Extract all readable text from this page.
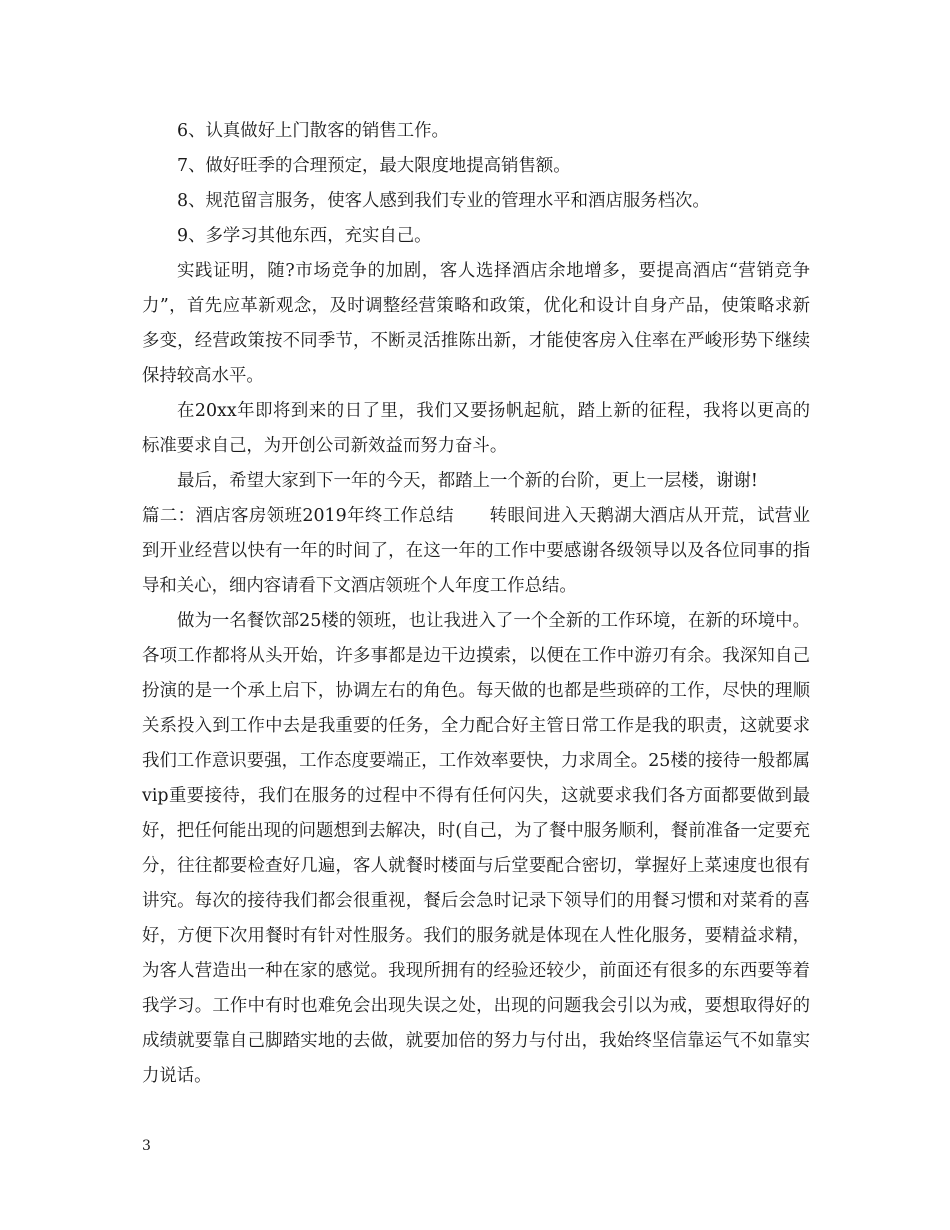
6、认真做好上门散客的销售工作。

7、做好旺季的合理预定，最大限度地提高销售额。

8、规范留言服务，使客人感到我们专业的管理水平和酒店服务档次。

9、多学习其他东西，充实自己。

实践证明，随?市场竞争的加剧，客人选择酒店余地增多，要提高酒店“营销竞争力”，首先应革新观念，及时调整经营策略和政策，优化和设计自身产品，使策略求新多变，经营政策按不同季节，不断灵活推陈出新，才能使客房入住率在严峻形势下继续保持较高水平。

在20xx年即将到来的日了里，我们又要扬帆起航，踏上新的征程，我将以更高的标准要求自己，为开创公司新效益而努力奋斗。

最后，希望大家到下一年的今天，都踏上一个新的台阶，更上一层楼，谢谢!

篇二：酒店客房领班2019年终工作总结　　转眼间进入天鹅湖大酒店从开荒，试营业到开业经营以快有一年的时间了，在这一年的工作中要感谢各级领导以及各位同事的指导和关心，细内容请看下文酒店领班个人年度工作总结。

做为一名餐饮部25楼的领班，也让我进入了一个全新的工作环境，在新的环境中。各项工作都将从头开始，许多事都是边干边摸索，以便在工作中游刃有余。我深知自己扮演的是一个承上启下，协调左右的角色。每天做的也都是些琐碎的工作，尽快的理顺关系投入到工作中去是我重要的任务，全力配合好主管日常工作是我的职责，这就要求我们工作意识要强，工作态度要端正，工作效率要快，力求周全。25楼的接待一般都属vip重要接待，我们在服务的过程中不得有任何闪失，这就要求我们各方面都要做到最好，把任何能出现的问题想到去解决，时(自己，为了餐中服务顺利，餐前准备一定要充分，往往都要检查好几遍，客人就餐时楼面与后堂要配合密切，掌握好上菜速度也很有讲究。每次的接待我们都会很重视，餐后会急时记录下领导们的用餐习惯和对菜肴的喜好，方便下次用餐时有针对性服务。我们的服务就是体现在人性化服务，要精益求精，为客人营造出一种在家的感觉。我现所拥有的经验还较少，前面还有很多的东西要等着我学习。工作中有时也难免会出现失误之处，出现的问题我会引以为戒，要想取得好的成绩就要靠自己脚踏实地的去做，就要加倍的努力与付出，我始终坚信靠运气不如靠实力说话。

3
